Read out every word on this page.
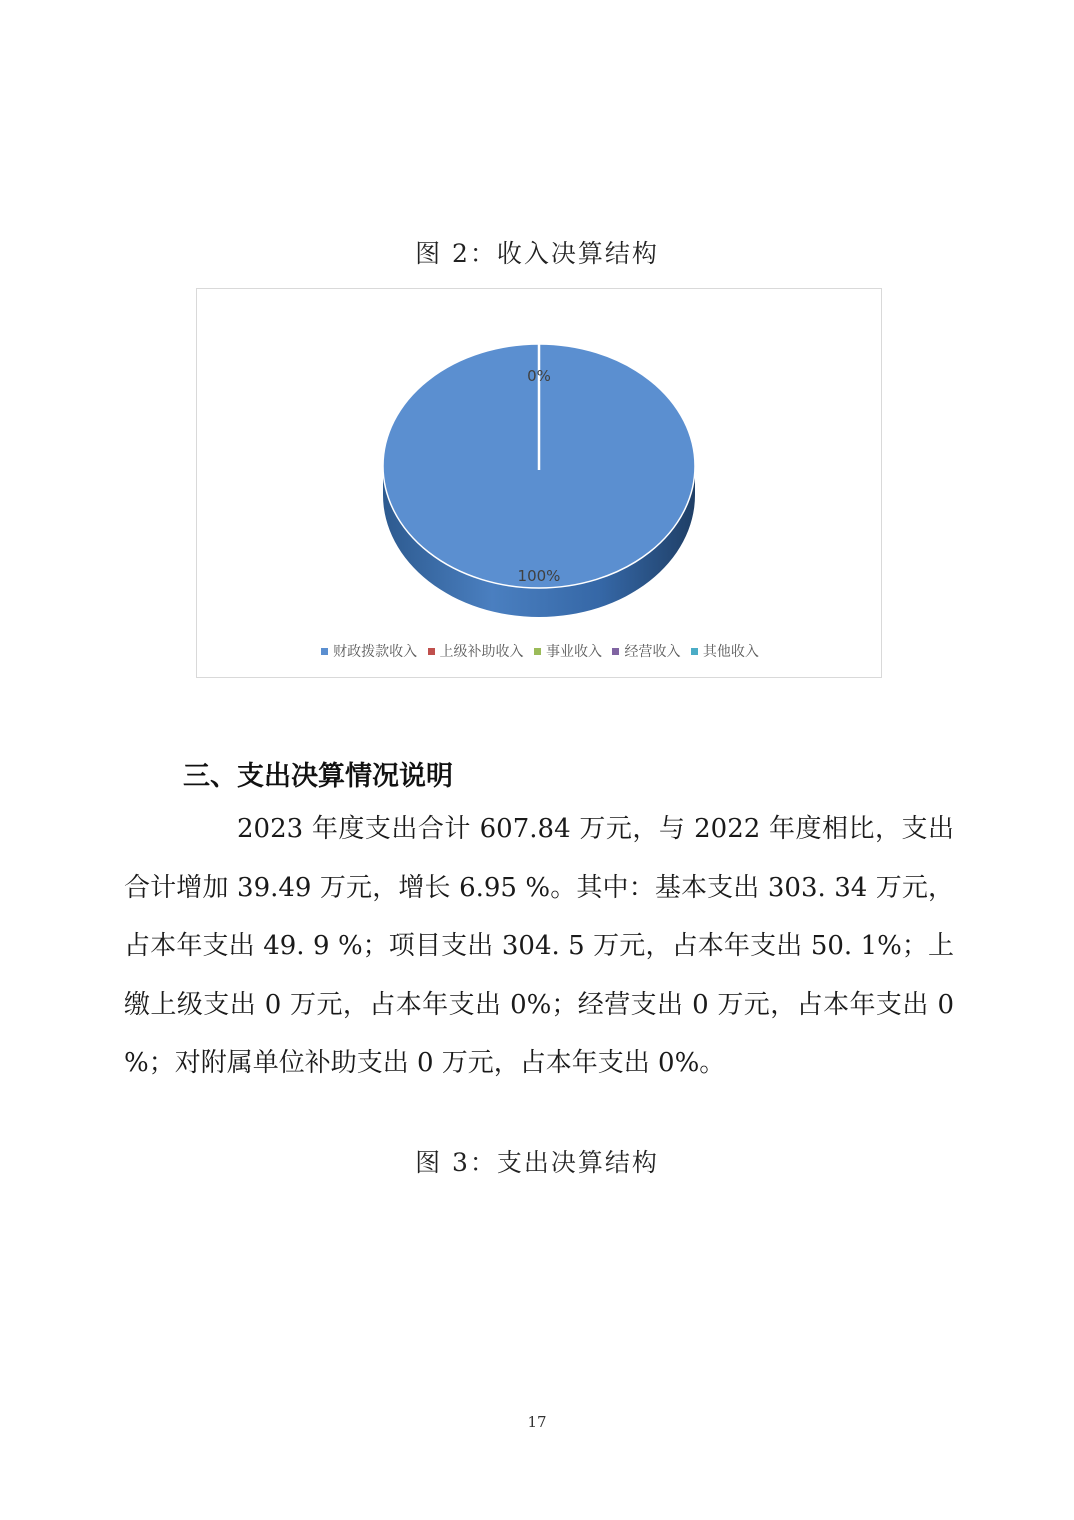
图 2：收入决算结构
0%
100%
财政拨款收入 上级补助收入 事业收入 经营收入 其他收入
三、支出决算情况说明
2023 年度支出合计 607.84 万元，与 2022 年度相比，支出合计增加 39.49 万元，增长 6.95 %。其中：基本支出 303. 34 万元，占本年支出 49. 9 %；项目支出 304. 5 万元，占本年支出 50. 1%；上缴上级支出 0 万元，占本年支出 0%；经营支出 0 万元，占本年支出 0 %；对附属单位补助支出 0 万元，占本年支出 0%。
图 3：支出决算结构
17
